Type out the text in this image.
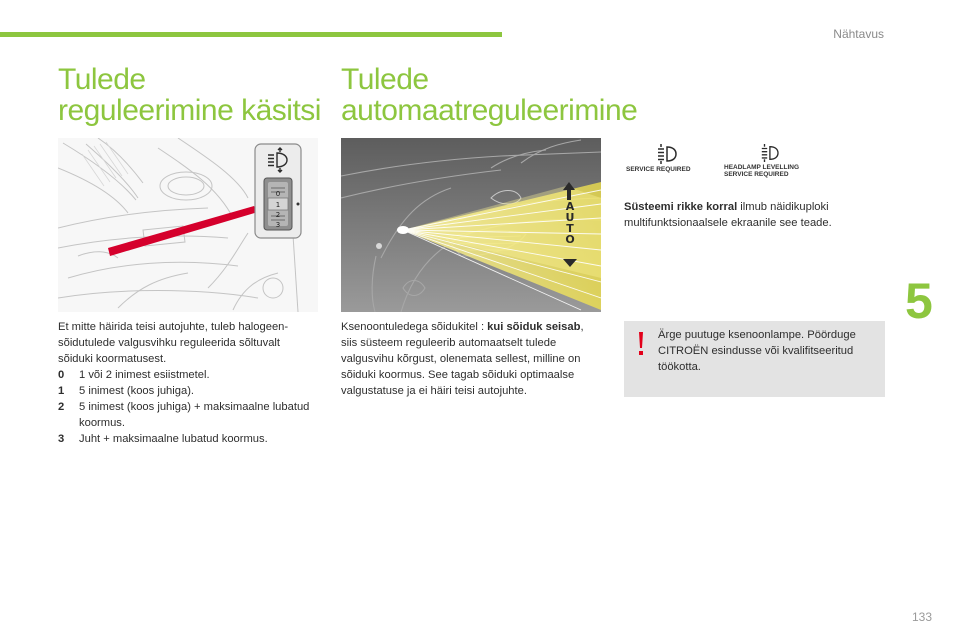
Nähtavus
5
133
Tulede reguleerimine käsitsi
Tulede automaatreguleerimine
0
1
2
3
A
U
T
O
Et mitte häirida teisi autojuhte, tuleb halogeen-sõidutulede valgusvihku reguleerida sõltuvalt sõiduki koormatusest.
0	1 või 2 inimest esiistmetel.
1	5 inimest (koos juhiga).
2	5 inimest (koos juhiga) + maksimaalne lubatud koormus.
3	Juht + maksimaalne lubatud koormus.
Ksenoontuledega sõidukitel : kui sõiduk seisab, siis süsteem reguleerib automaatselt tulede valgusvihu kõrgust, olenemata sellest, milline on sõiduki koormus. See tagab sõiduki optimaalse valgustatuse ja ei häiri teisi autojuhte.
SERVICE REQUIRED	HEADLAMP LEVELLING
SERVICE REQUIRED
Süsteemi rikke korral ilmub näidikuploki multifunktsionaalsele ekraanile see teade.
Ärge puutuge ksenoonlampe. Pöörduge CITROËN esindusse või kvalifitseeritud töökotta.
